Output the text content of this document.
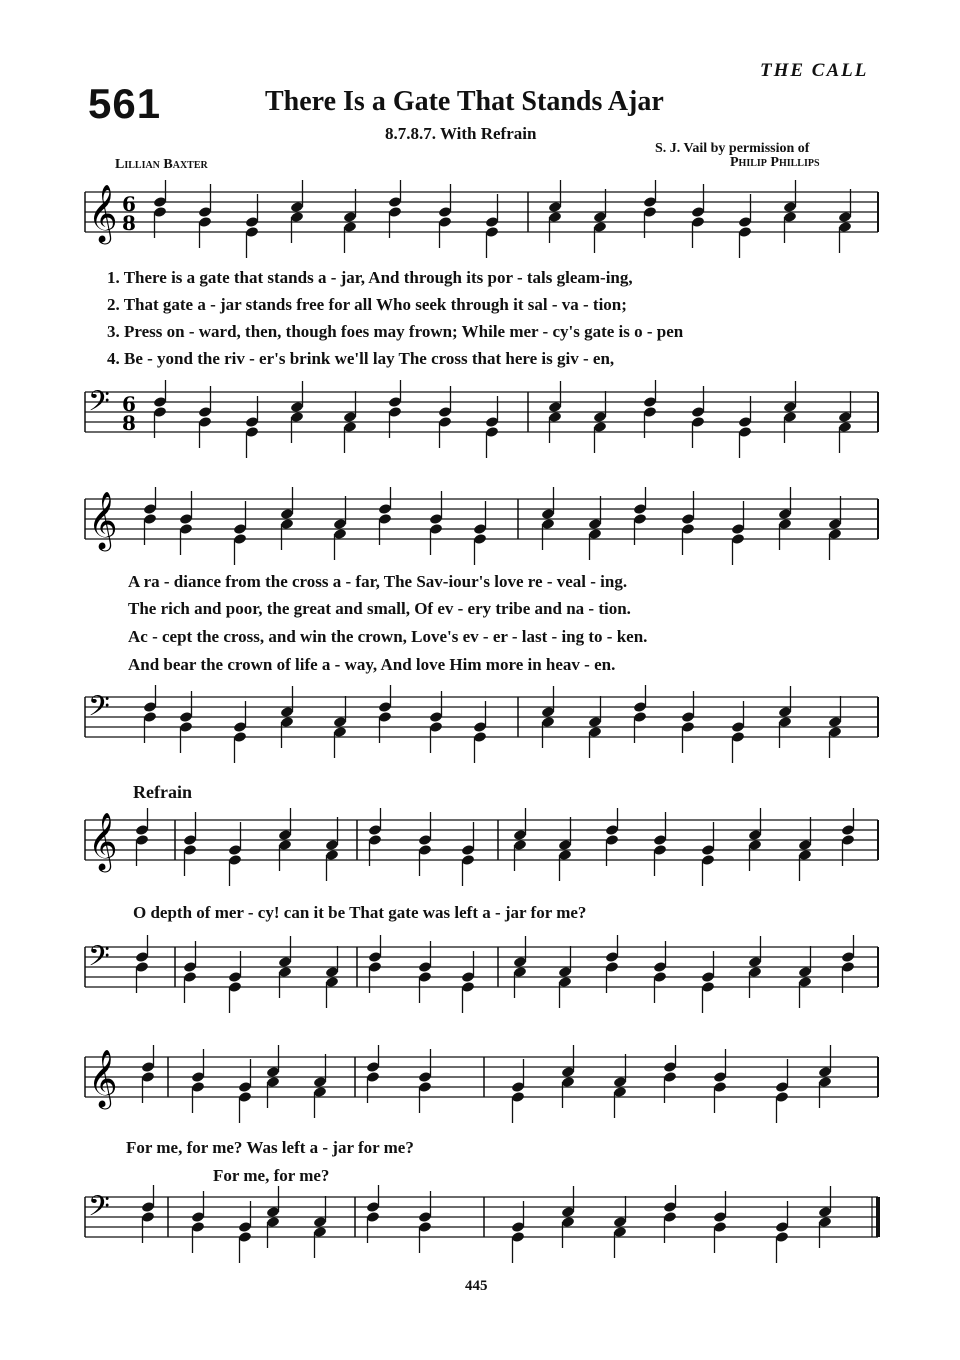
561
THE CALL
There Is a Gate That Stands Ajar
8.7.8.7. With Refrain
Lillian Baxter
S. J. Vail by permission of
Philip Phillips
𝄞 6
8
1. There is a gate that stands a - jar, And through its por - tals gleam-ing,
2. That gate a - jar stands free for all Who seek through it sal - va - tion;
3. Press on - ward, then, though foes may frown; While mer - cy's gate is o - pen
4. Be - yond the riv - er's brink we'll lay The cross that here is giv - en,
𝄢 6
8
𝄞
A ra - diance from the cross a - far, The Sav-iour's love re - veal - ing.
The rich and poor, the great and small, Of ev - ery tribe and na - tion.
Ac - cept the cross, and win the crown, Love's ev - er - last - ing to - ken.
And bear the crown of life a - way, And love Him more in heav - en.
𝄢
Refrain
𝄞
O depth of mer - cy! can it be That gate was left a - jar for me?
𝄢
𝄞
For me, for me? Was left a - jar for me?
For me, for me?
𝄢
445
